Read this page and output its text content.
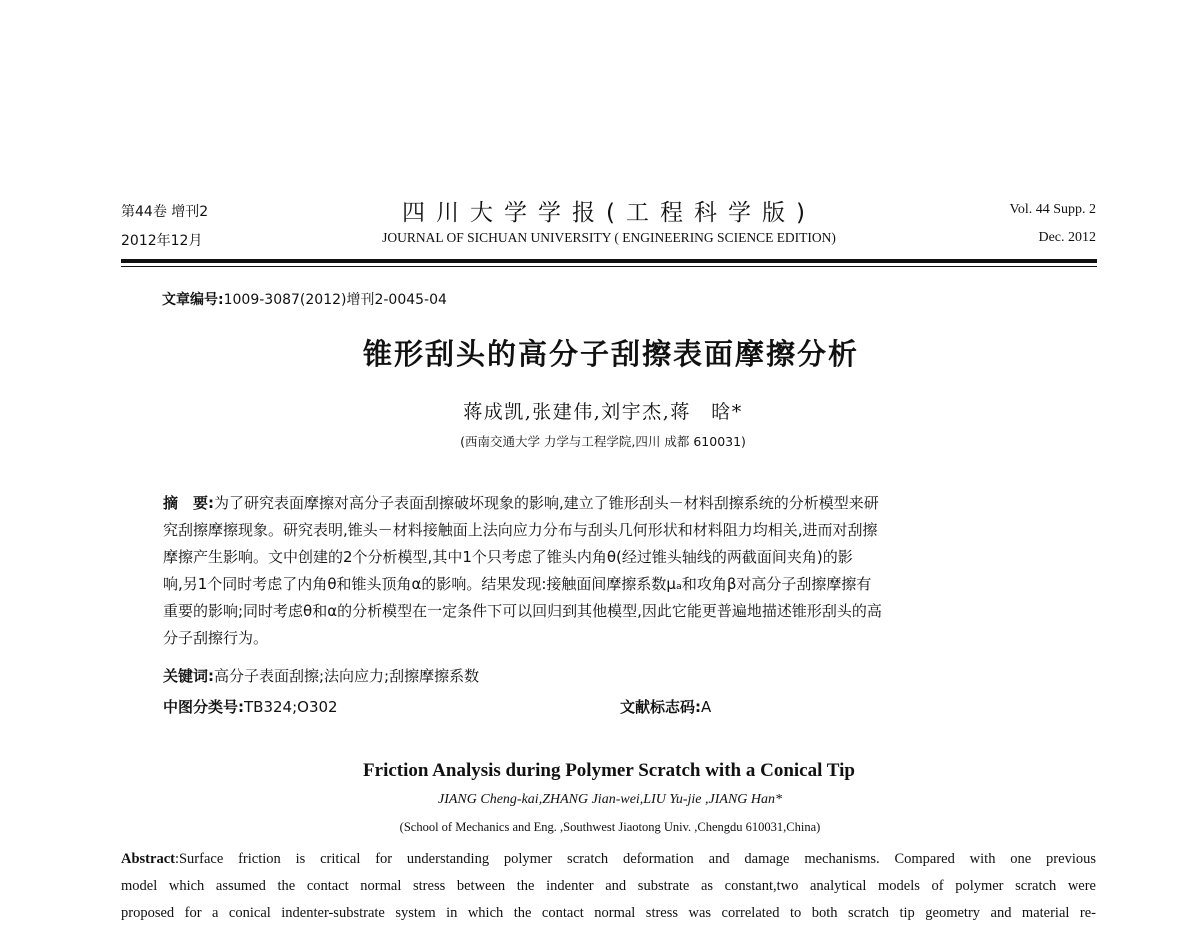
第44卷 增刊2
2012年12月
四川大学学报(工程科学版)
JOURNAL OF SICHUAN UNIVERSITY ( ENGINEERING SCIENCE EDITION)
Vol. 44 Supp. 2
Dec. 2012
文章编号:1009-3087(2012)增刊2-0045-04
锥形刮头的高分子刮擦表面摩擦分析
蒋成凯,张建伟,刘宇杰,蒋　晗*
(西南交通大学 力学与工程学院,四川 成都 610031)
摘　要:为了研究表面摩擦对高分子表面刮擦破坏现象的影响,建立了锥形刮头－材料刮擦系统的分析模型来研
究刮擦摩擦现象。研究表明,锥头－材料接触面上法向应力分布与刮头几何形状和材料阻力均相关,进而对刮擦
摩擦产生影响。文中创建的2个分析模型,其中1个只考虑了锥头内角θ(经过锥头轴线的两截面间夹角)的影
响,另1个同时考虑了内角θ和锥头顶角α的影响。结果发现:接触面间摩擦系数μₐ和攻角β对高分子刮擦摩擦有
重要的影响;同时考虑θ和α的分析模型在一定条件下可以回归到其他模型,因此它能更普遍地描述锥形刮头的高
分子刮擦行为。
关键词:高分子表面刮擦;法向应力;刮擦摩擦系数
中图分类号:TB324;O302	文献标志码:A
Friction Analysis during Polymer Scratch with a Conical Tip
JIANG Cheng-kai,ZHANG Jian-wei,LIU Yu-jie ,JIANG Han*
(School of Mechanics and Eng. ,Southwest Jiaotong Univ. ,Chengdu 610031,China)
Abstract:Surface friction is critical for understanding polymer scratch deformation and damage mechanisms. Compared with one previous
model which assumed the contact normal stress between the indenter and substrate as constant,two analytical models of polymer scratch were
proposed for a conical indenter-substrate system in which the contact normal stress was correlated to both scratch tip geometry and material re-
